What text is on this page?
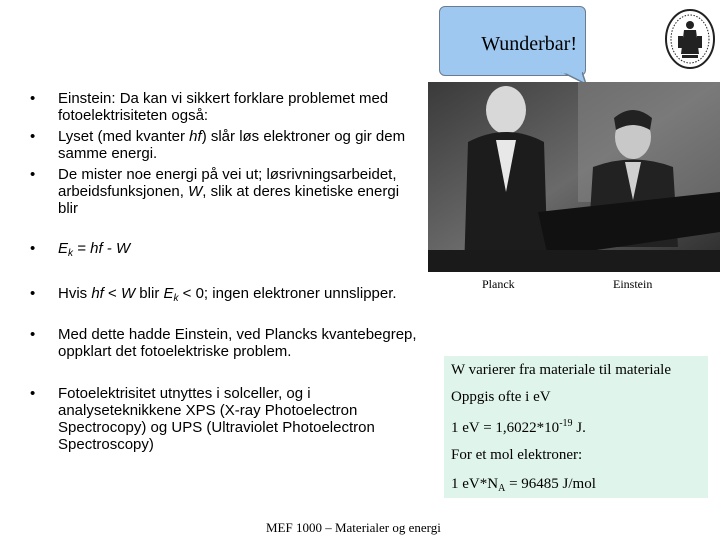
Wunderbar!
• Einstein: Da kan vi sikkert forklare problemet med fotoelektrisiteten også:
• Lyset (med kvanter hf) slår løs elektroner og gir dem samme energi.
• De mister noe energi på vei ut; løsrivningsarbeidet, arbeidsfunksjonen, W, slik at deres kinetiske energi blir
• $E_k$ = hf - W
• Hvis hf < W blir $E_k < 0$; ingen elektroner unnslipper.
• Med dette hadde Einstein, ved Plancks kvantebegrep, oppklart det fotoelektriske problem.
• Fotoelektrisitet utnyttes i solceller, og i analyseteknikkene XPS (X-ray Photoelectron Spectrocopy) og UPS (Ultraviolet Photoelectron Spectroscopy)
Planck	Einstein
W varierer fra materiale til materiale
Oppgis ofte i eV
1 eV = $1,6022*10^{-19}$ J.
For et mol elektroner:
1 $eV*N_A = 96485$ J/mol
MEF 1000 – Materialer og energi
